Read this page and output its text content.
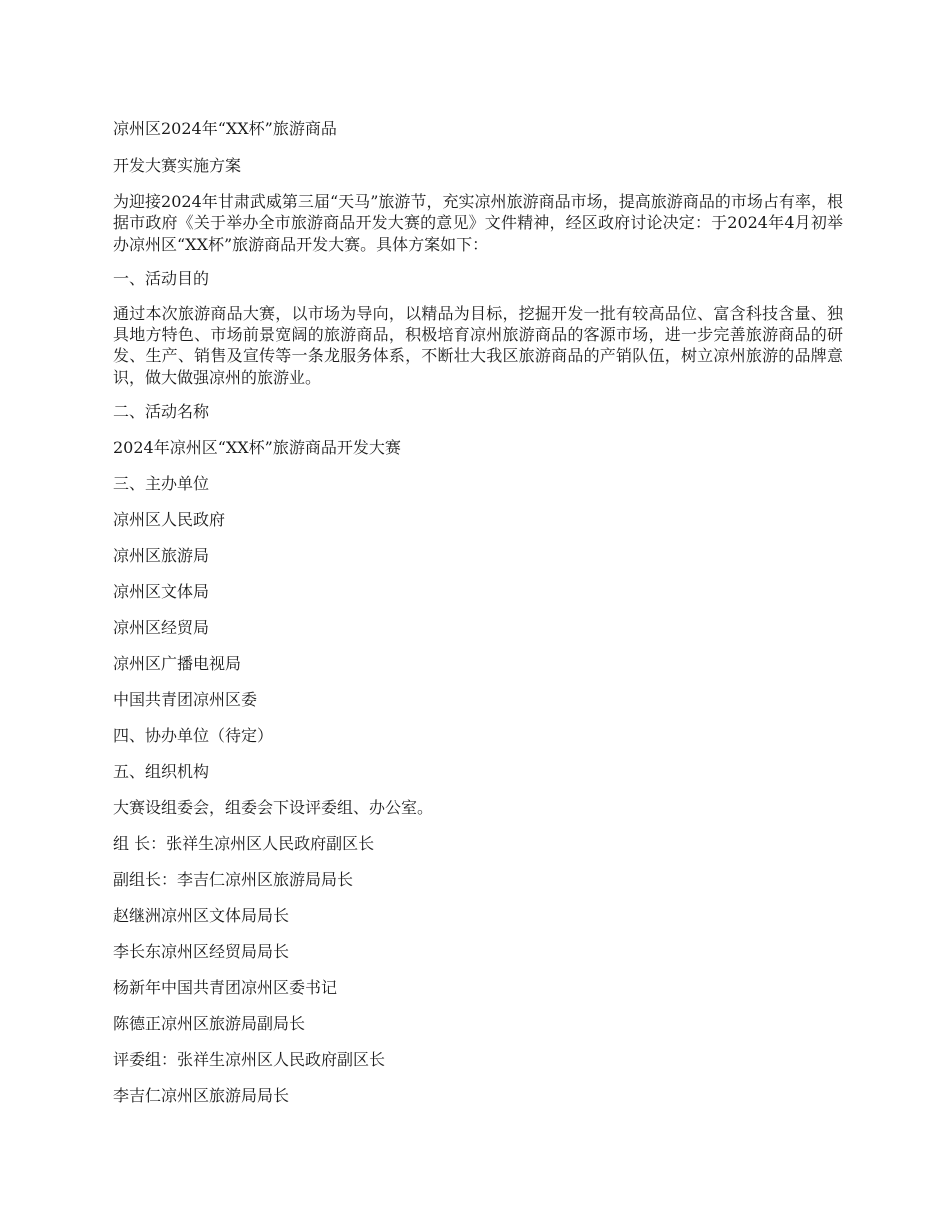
凉州区2024年“XX杯”旅游商品
开发大赛实施方案
为迎接2024年甘肃武威第三届“天马”旅游节，充实凉州旅游商品市场，提高旅游商品的市场占有率，根据市政府《关于举办全市旅游商品开发大赛的意见》文件精神，经区政府讨论决定：于2024年4月初举办凉州区“XX杯”旅游商品开发大赛。具体方案如下：
一、活动目的
通过本次旅游商品大赛，以市场为导向，以精品为目标，挖掘开发一批有较高品位、富含科技含量、独具地方特色、市场前景宽阔的旅游商品，积极培育凉州旅游商品的客源市场，进一步完善旅游商品的研发、生产、销售及宣传等一条龙服务体系，不断壮大我区旅游商品的产销队伍，树立凉州旅游的品牌意识，做大做强凉州的旅游业。
二、活动名称
2024年凉州区“XX杯”旅游商品开发大赛
三、主办单位
凉州区人民政府
凉州区旅游局
凉州区文体局
凉州区经贸局
凉州区广播电视局
中国共青团凉州区委
四、协办单位（待定）
五、组织机构
大赛设组委会，组委会下设评委组、办公室。
组 长：张祥生凉州区人民政府副区长
副组长：李吉仁凉州区旅游局局长
赵继洲凉州区文体局局长
李长东凉州区经贸局局长
杨新年中国共青团凉州区委书记
陈德正凉州区旅游局副局长
评委组：张祥生凉州区人民政府副区长
李吉仁凉州区旅游局局长
